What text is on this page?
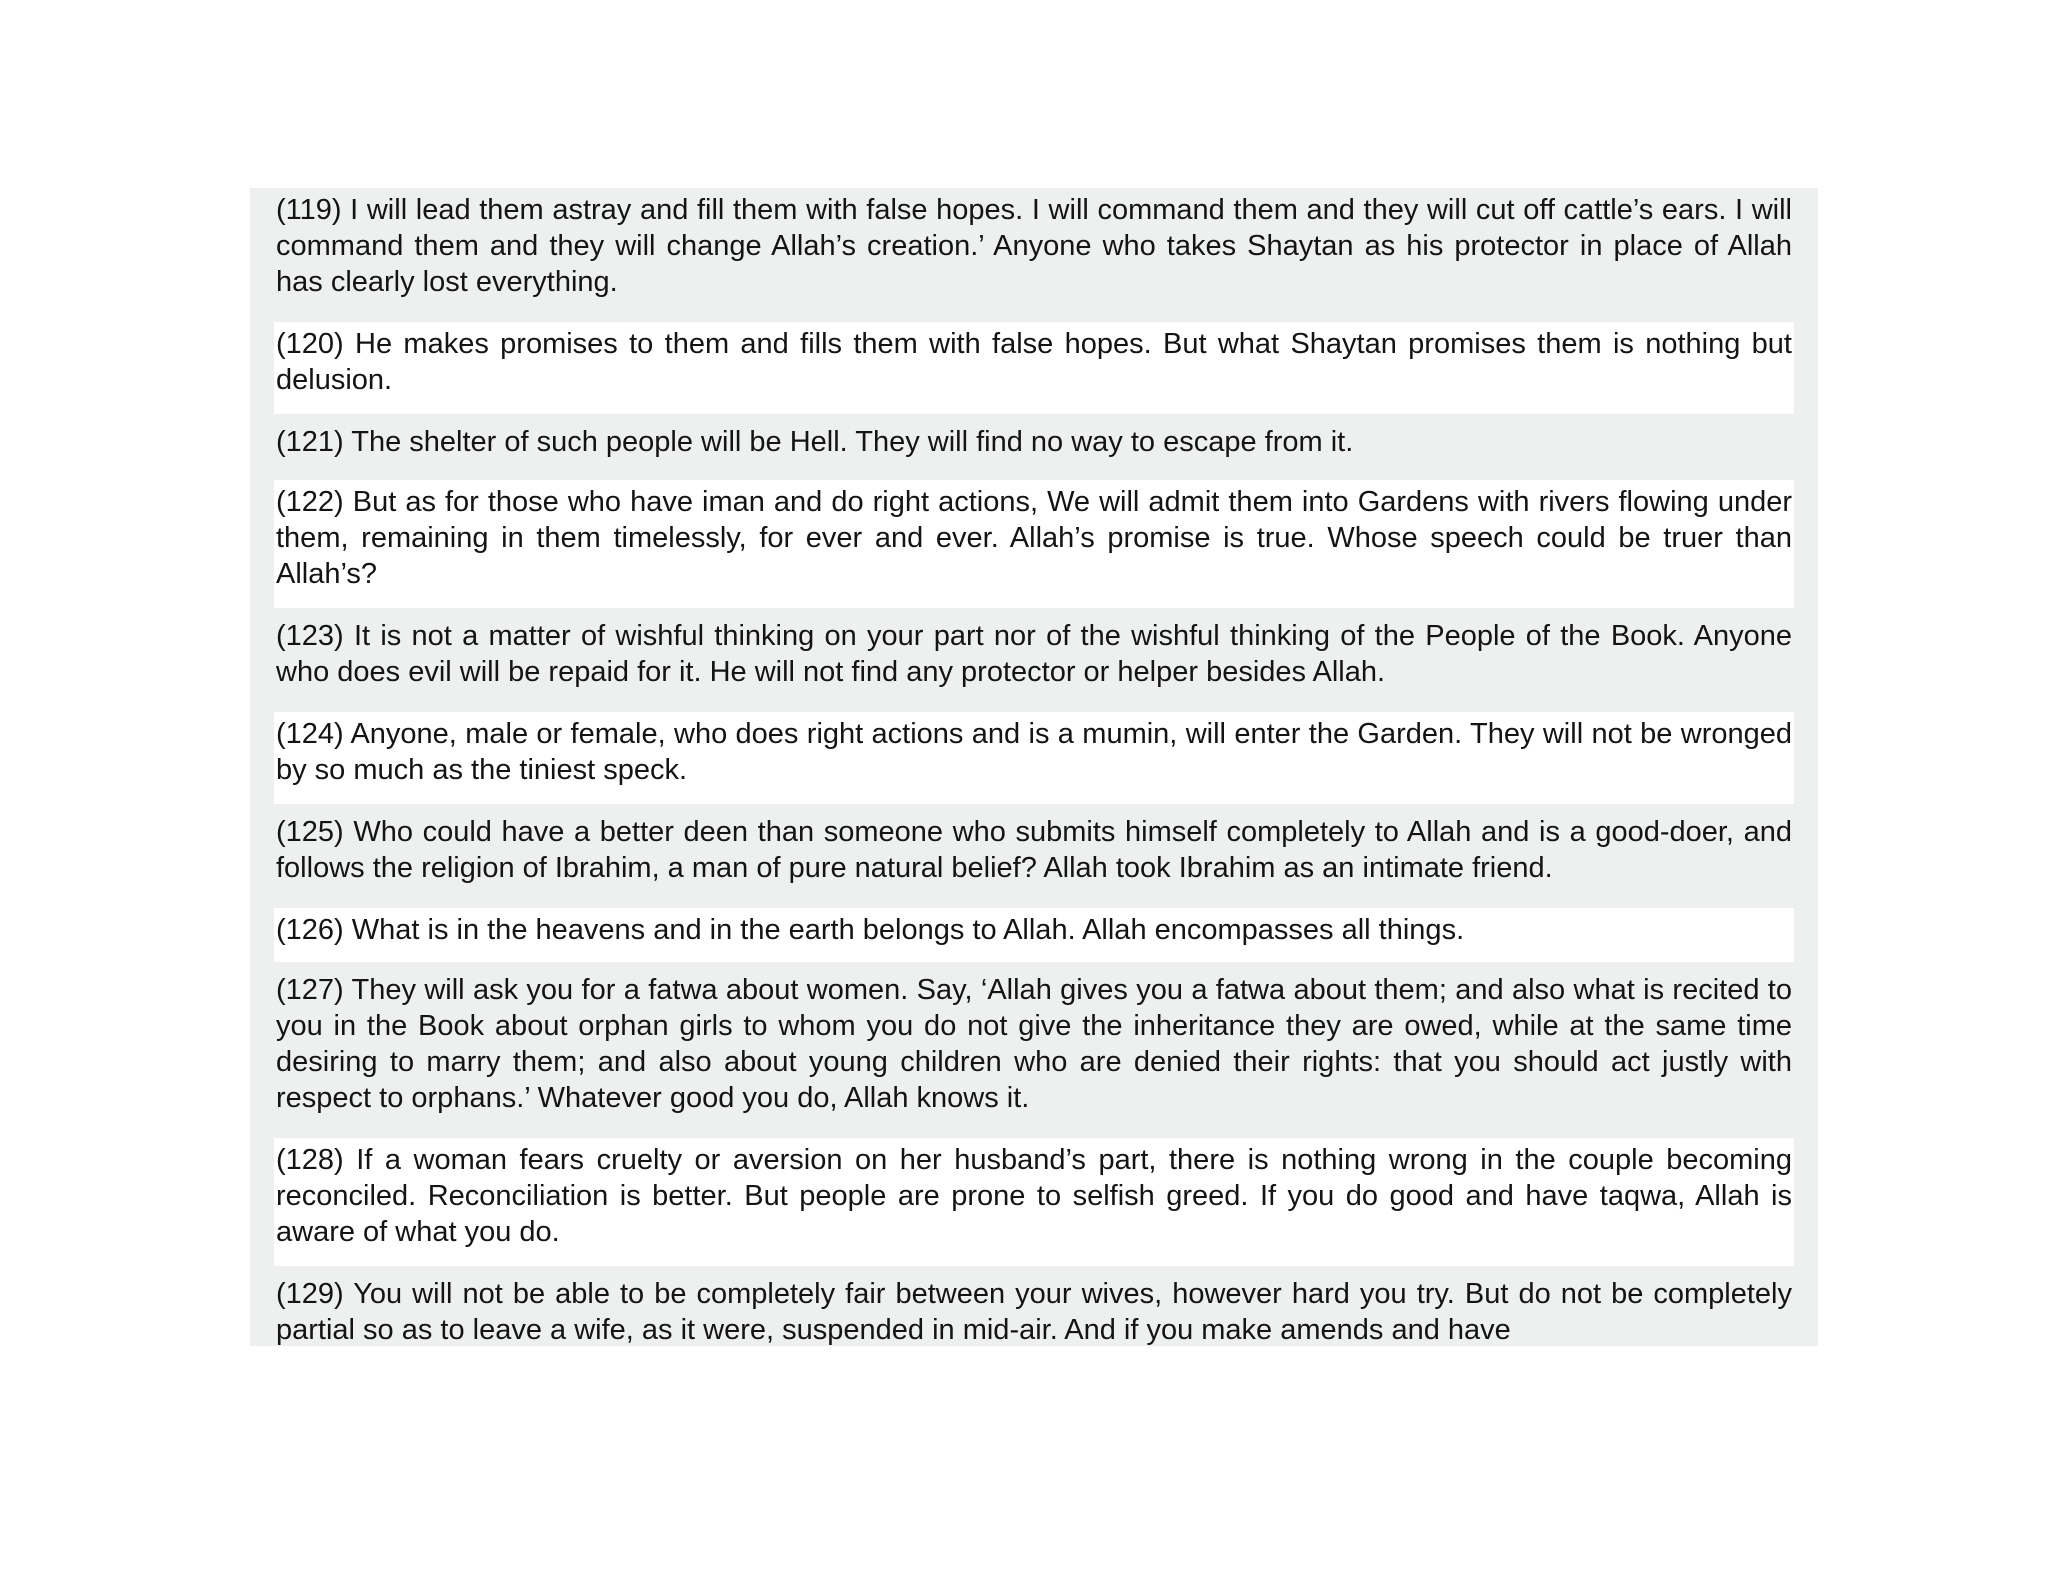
(119) I will lead them astray and fill them with false hopes. I will command them and they will cut off cattle’s ears. I will command them and they will change Allah’s creation.’ Anyone who takes Shaytan as his protector in place of Allah has clearly lost everything.

(120) He makes promises to them and fills them with false hopes. But what Shaytan promises them is nothing but delusion.

(121) The shelter of such people will be Hell. They will find no way to escape from it.

(122) But as for those who have iman and do right actions, We will admit them into Gardens with rivers flowing under them, remaining in them timelessly, for ever and ever. Allah’s promise is true. Whose speech could be truer than Allah’s?

(123) It is not a matter of wishful thinking on your part nor of the wishful thinking of the People of the Book. Anyone who does evil will be repaid for it. He will not find any protector or helper besides Allah.

(124) Anyone, male or female, who does right actions and is a mumin, will enter the Garden. They will not be wronged by so much as the tiniest speck.

(125) Who could have a better deen than someone who submits himself completely to Allah and is a good-doer, and follows the religion of Ibrahim, a man of pure natural belief? Allah took Ibrahim as an intimate friend.

(126) What is in the heavens and in the earth belongs to Allah. Allah encompasses all things.

(127) They will ask you for a fatwa about women. Say, ‘Allah gives you a fatwa about them; and also what is recited to you in the Book about orphan girls to whom you do not give the inheritance they are owed, while at the same time desiring to marry them; and also about young children who are denied their rights: that you should act justly with respect to orphans.’ Whatever good you do, Allah knows it.

(128) If a woman fears cruelty or aversion on her husband’s part, there is nothing wrong in the couple becoming reconciled. Reconciliation is better. But people are prone to selfish greed. If you do good and have taqwa, Allah is aware of what you do.

(129) You will not be able to be completely fair between your wives, however hard you try. But do not be completely partial so as to leave a wife, as it were, suspended in mid-air. And if you make amends and have
